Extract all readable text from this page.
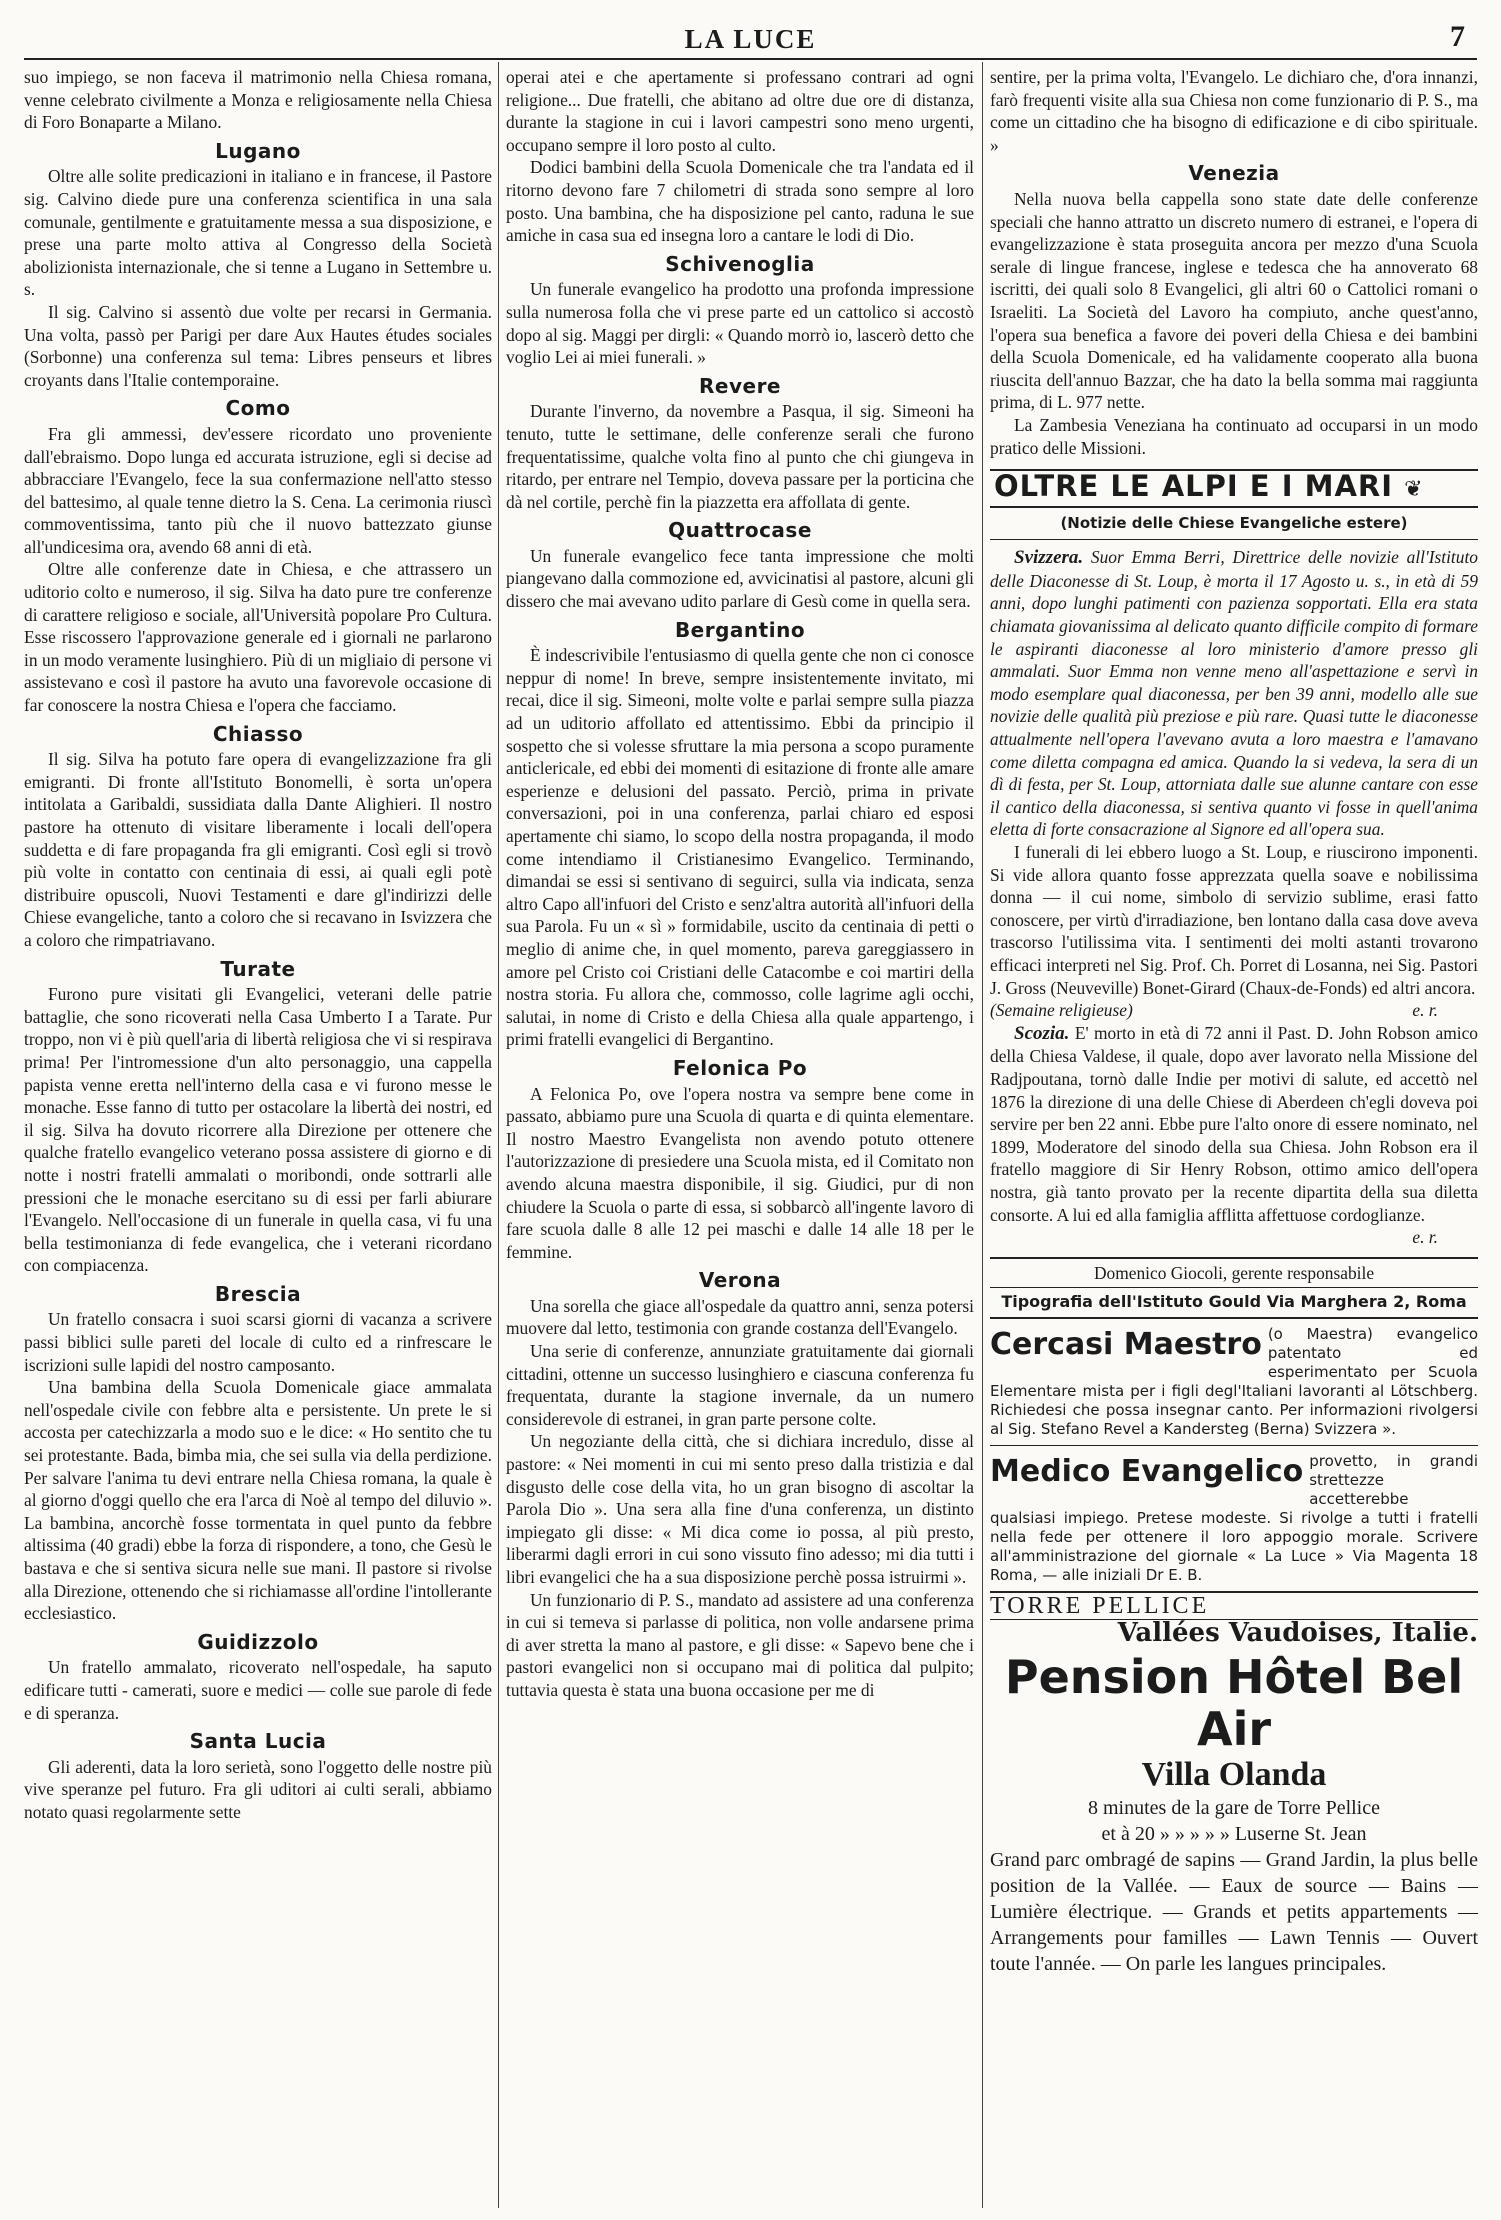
LA LUCE	7

suo impiego, se non faceva il matrimonio nella Chiesa romana, venne celebrato civilmente a Monza e religiosamente nella Chiesa di Foro Bonaparte a Milano.

Lugano

Oltre alle solite predicazioni in italiano e in francese, il Pastore sig. Calvino diede pure una conferenza scientifica in una sala comunale, gentilmente e gratuitamente messa a sua disposizione, e prese una parte molto attiva al Congresso della Società abolizionista internazionale, che si tenne a Lugano in Settembre u. s.

Il sig. Calvino si assentò due volte per recarsi in Germania. Una volta, passò per Parigi per dare Aux Hautes études sociales (Sorbonne) una conferenza sul tema: Libres penseurs et libres croyants dans l'Italie contemporaine.

Como

Fra gli ammessi, dev'essere ricordato uno proveniente dall'ebraismo. Dopo lunga ed accurata istruzione, egli si decise ad abbracciare l'Evangelo, fece la sua confermazione nell'atto stesso del battesimo, al quale tenne dietro la S. Cena. La cerimonia riuscì commoventissima, tanto più che il nuovo battezzato giunse all'undicesima ora, avendo 68 anni di età.

Oltre alle conferenze date in Chiesa, e che attrassero un uditorio colto e numeroso, il sig. Silva ha dato pure tre conferenze di carattere religioso e sociale, all'Università popolare Pro Cultura. Esse riscossero l'approvazione generale ed i giornali ne parlarono in un modo veramente lusinghiero. Più di un migliaio di persone vi assistevano e così il pastore ha avuto una favorevole occasione di far conoscere la nostra Chiesa e l'opera che facciamo.

Chiasso

Il sig. Silva ha potuto fare opera di evangelizzazione fra gli emigranti. Di fronte all'Istituto Bonomelli, è sorta un'opera intitolata a Garibaldi, sussidiata dalla Dante Alighieri. Il nostro pastore ha ottenuto di visitare liberamente i locali dell'opera suddetta e di fare propaganda fra gli emigranti. Così egli si trovò più volte in contatto con centinaia di essi, ai quali egli potè distribuire opuscoli, Nuovi Testamenti e dare gl'indirizzi delle Chiese evangeliche, tanto a coloro che si recavano in Isvizzera che a coloro che rimpatriavano.

Turate

Furono pure visitati gli Evangelici, veterani delle patrie battaglie, che sono ricoverati nella Casa Umberto I a Tarate. Pur troppo, non vi è più quell'aria di libertà religiosa che vi si respirava prima! Per l'intromessione d'un alto personaggio, una cappella papista venne eretta nell'interno della casa e vi furono messe le monache. Esse fanno di tutto per ostacolare la libertà dei nostri, ed il sig. Silva ha dovuto ricorrere alla Direzione per ottenere che qualche fratello evangelico veterano possa assistere di giorno e di notte i nostri fratelli ammalati o moribondi, onde sottrarli alle pressioni che le monache esercitano su di essi per farli abiurare l'Evangelo. Nell'occasione di un funerale in quella casa, vi fu una bella testimonianza di fede evangelica, che i veterani ricordano con compiacenza.

Brescia

Un fratello consacra i suoi scarsi giorni di vacanza a scrivere passi biblici sulle pareti del locale di culto ed a rinfrescare le iscrizioni sulle lapidi del nostro camposanto.

Una bambina della Scuola Domenicale giace ammalata nell'ospedale civile con febbre alta e persistente. Un prete le si accosta per catechizzarla a modo suo e le dice: « Ho sentito che tu sei protestante. Bada, bimba mia, che sei sulla via della perdizione. Per salvare l'anima tu devi entrare nella Chiesa romana, la quale è al giorno d'oggi quello che era l'arca di Noè al tempo del diluvio ». La bambina, ancorchè fosse tormentata in quel punto da febbre altissima (40 gradi) ebbe la forza di rispondere, a tono, che Gesù le bastava e che si sentiva sicura nelle sue mani. Il pastore si rivolse alla Direzione, ottenendo che si richiamasse all'ordine l'intollerante ecclesiastico.

Guidizzolo

Un fratello ammalato, ricoverato nell'ospedale, ha saputo edificare tutti - camerati, suore e medici — colle sue parole di fede e di speranza.

Santa Lucia

Gli aderenti, data la loro serietà, sono l'oggetto delle nostre più vive speranze pel futuro. Fra gli uditori ai culti serali, abbiamo notato quasi regolarmente sette

operai atei e che apertamente si professano contrari ad ogni religione... Due fratelli, che abitano ad oltre due ore di distanza, durante la stagione in cui i lavori campestri sono meno urgenti, occupano sempre il loro posto al culto.

Dodici bambini della Scuola Domenicale che tra l'andata ed il ritorno devono fare 7 chilometri di strada sono sempre al loro posto. Una bambina, che ha disposizione pel canto, raduna le sue amiche in casa sua ed insegna loro a cantare le lodi di Dio.

Schivenoglia

Un funerale evangelico ha prodotto una profonda impressione sulla numerosa folla che vi prese parte ed un cattolico si accostò dopo al sig. Maggi per dirgli: « Quando morrò io, lascerò detto che voglio Lei ai miei funerali. »

Revere

Durante l'inverno, da novembre a Pasqua, il sig. Simeoni ha tenuto, tutte le settimane, delle conferenze serali che furono frequentatissime, qualche volta fino al punto che chi giungeva in ritardo, per entrare nel Tempio, doveva passare per la porticina che dà nel cortile, perchè fin la piazzetta era affollata di gente.

Quattrocase

Un funerale evangelico fece tanta impressione che molti piangevano dalla commozione ed, avvicinatisi al pastore, alcuni gli dissero che mai avevano udito parlare di Gesù come in quella sera.

Bergantino

È indescrivibile l'entusiasmo di quella gente che non ci conosce neppur di nome! In breve, sempre insistentemente invitato, mi recai, dice il sig. Simeoni, molte volte e parlai sempre sulla piazza ad un uditorio affollato ed attentissimo. Ebbi da principio il sospetto che si volesse sfruttare la mia persona a scopo puramente anticlericale, ed ebbi dei momenti di esitazione di fronte alle amare esperienze e delusioni del passato. Perciò, prima in private conversazioni, poi in una conferenza, parlai chiaro ed esposi apertamente chi siamo, lo scopo della nostra propaganda, il modo come intendiamo il Cristianesimo Evangelico. Terminando, dimandai se essi si sentivano di seguirci, sulla via indicata, senza altro Capo all'infuori del Cristo e senz'altra autorità all'infuori della sua Parola. Fu un « sì » formidabile, uscito da centinaia di petti o meglio di anime che, in quel momento, pareva gareggiassero in amore pel Cristo coi Cristiani delle Catacombe e coi martiri della nostra storia. Fu allora che, commosso, colle lagrime agli occhi, salutai, in nome di Cristo e della Chiesa alla quale appartengo, i primi fratelli evangelici di Bergantino.

Felonica Po

A Felonica Po, ove l'opera nostra va sempre bene come in passato, abbiamo pure una Scuola di quarta e di quinta elementare. Il nostro Maestro Evangelista non avendo potuto ottenere l'autorizzazione di presiedere una Scuola mista, ed il Comitato non avendo alcuna maestra disponibile, il sig. Giudici, pur di non chiudere la Scuola o parte di essa, si sobbarcò all'ingente lavoro di fare scuola dalle 8 alle 12 pei maschi e dalle 14 alle 18 per le femmine.

Verona

Una sorella che giace all'ospedale da quattro anni, senza potersi muovere dal letto, testimonia con grande costanza dell'Evangelo.

Una serie di conferenze, annunziate gratuitamente dai giornali cittadini, ottenne un successo lusinghiero e ciascuna conferenza fu frequentata, durante la stagione invernale, da un numero considerevole di estranei, in gran parte persone colte.

Un negoziante della città, che si dichiara incredulo, disse al pastore: « Nei momenti in cui mi sento preso dalla tristizia e dal disgusto delle cose della vita, ho un gran bisogno di ascoltar la Parola Dio ». Una sera alla fine d'una conferenza, un distinto impiegato gli disse: « Mi dica come io possa, al più presto, liberarmi dagli errori in cui sono vissuto fino adesso; mi dia tutti i libri evangelici che ha a sua disposizione perchè possa istruirmi ».

Un funzionario di P. S., mandato ad assistere ad una conferenza in cui si temeva si parlasse di politica, non volle andarsene prima di aver stretta la mano al pastore, e gli disse: « Sapevo bene che i pastori evangelici non si occupano mai di politica dal pulpito; tuttavia questa è stata una buona occasione per me di

sentire, per la prima volta, l'Evangelo. Le dichiaro che, d'ora innanzi, farò frequenti visite alla sua Chiesa non come funzionario di P. S., ma come un cittadino che ha bisogno di edificazione e di cibo spirituale. »

Venezia

Nella nuova bella cappella sono state date delle conferenze speciali che hanno attratto un discreto numero di estranei, e l'opera di evangelizzazione è stata proseguita ancora per mezzo d'una Scuola serale di lingue francese, inglese e tedesca che ha annoverato 68 iscritti, dei quali solo 8 Evangelici, gli altri 60 o Cattolici romani o Israeliti. La Società del Lavoro ha compiuto, anche quest'anno, l'opera sua benefica a favore dei poveri della Chiesa e dei bambini della Scuola Domenicale, ed ha validamente cooperato alla buona riuscita dell'annuo Bazzar, che ha dato la bella somma mai raggiunta prima, di L. 977 nette.

La Zambesia Veneziana ha continuato ad occuparsi in un modo pratico delle Missioni.

OLTRE LE ALPI E I MARI ❦
(Notizie delle Chiese Evangeliche estere)

Svizzera. Suor Emma Berri, Direttrice delle novizie all'Istituto delle Diaconesse di St. Loup, è morta il 17 Agosto u. s., in età di 59 anni, dopo lunghi patimenti con pazienza sopportati. Ella era stata chiamata giovanissima al delicato quanto difficile compito di formare le aspiranti diaconesse al loro ministerio d'amore presso gli ammalati. Suor Emma non venne meno all'aspettazione e servì in modo esemplare qual diaconessa, per ben 39 anni, modello alle sue novizie delle qualità più preziose e più rare. Quasi tutte le diaconesse attualmente nell'opera l'avevano avuta a loro maestra e l'amavano come diletta compagna ed amica. Quando la si vedeva, la sera di un dì di festa, per St. Loup, attorniata dalle sue alunne cantare con esse il cantico della diaconessa, si sentiva quanto vi fosse in quell'anima eletta di forte consacrazione al Signore ed all'opera sua.

I funerali di lei ebbero luogo a St. Loup, e riuscirono imponenti. Si vide allora quanto fosse apprezzata quella soave e nobilissima donna — il cui nome, simbolo di servizio sublime, erasi fatto conoscere, per virtù d'irradiazione, ben lontano dalla casa dove aveva trascorso l'utilissima vita. I sentimenti dei molti astanti trovarono efficaci interpreti nel Sig. Prof. Ch. Porret di Losanna, nei Sig. Pastori J. Gross (Neuveville) Bonet-Girard (Chaux-de-Fonds) ed altri ancora.

(Semaine religieuse)	e. r.

Scozia. E' morto in età di 72 anni il Past. D. John Robson amico della Chiesa Valdese, il quale, dopo aver lavorato nella Missione del Radjpoutana, tornò dalle Indie per motivi di salute, ed accettò nel 1876 la direzione di una delle Chiese di Aberdeen ch'egli doveva poi servire per ben 22 anni. Ebbe pure l'alto onore di essere nominato, nel 1899, Moderatore del sinodo della sua Chiesa. John Robson era il fratello maggiore di Sir Henry Robson, ottimo amico dell'opera nostra, già tanto provato per la recente dipartita della sua diletta consorte. A lui ed alla famiglia afflitta affettuose cordoglianze.

e. r.
Domenico Giocoli, gerente responsabile
Tipografia dell'Istituto Gould Via Marghera 2, Roma
Cercasi Maestro (o Maestra) evangelico patentato ed esperimentato per Scuola Elementare mista per i figli degl'Italiani lavoranti al Lötschberg. Richiedesi che possa insegnar canto. Per informazioni rivolgersi al Sig. Stefano Revel a Kandersteg (Berna) Svizzera ».
Medico Evangelico provetto, in grandi strettezze accetterebbe qualsiasi impiego. Pretese modeste. Si rivolge a tutti i fratelli nella fede per ottenere il loro appoggio morale. Scrivere all'amministrazione del giornale « La Luce » Via Magenta 18 Roma, — alle iniziali Dr E. B.
TORRE PELLICE
Vallées Vaudoises, Italie.
Pension Hôtel Bel Air
Villa Olanda
8 minutes de la gare de Torre Pellice
et à 20 » » » » » Luserne St. Jean
Grand parc ombragé de sapins — Grand Jardin, la plus belle position de la Vallée. — Eaux de source — Bains — Lumière électrique. — Grands et petits appartements — Arrangements pour familles — Lawn Tennis — Ouvert toute l'année. — On parle les langues principales.
